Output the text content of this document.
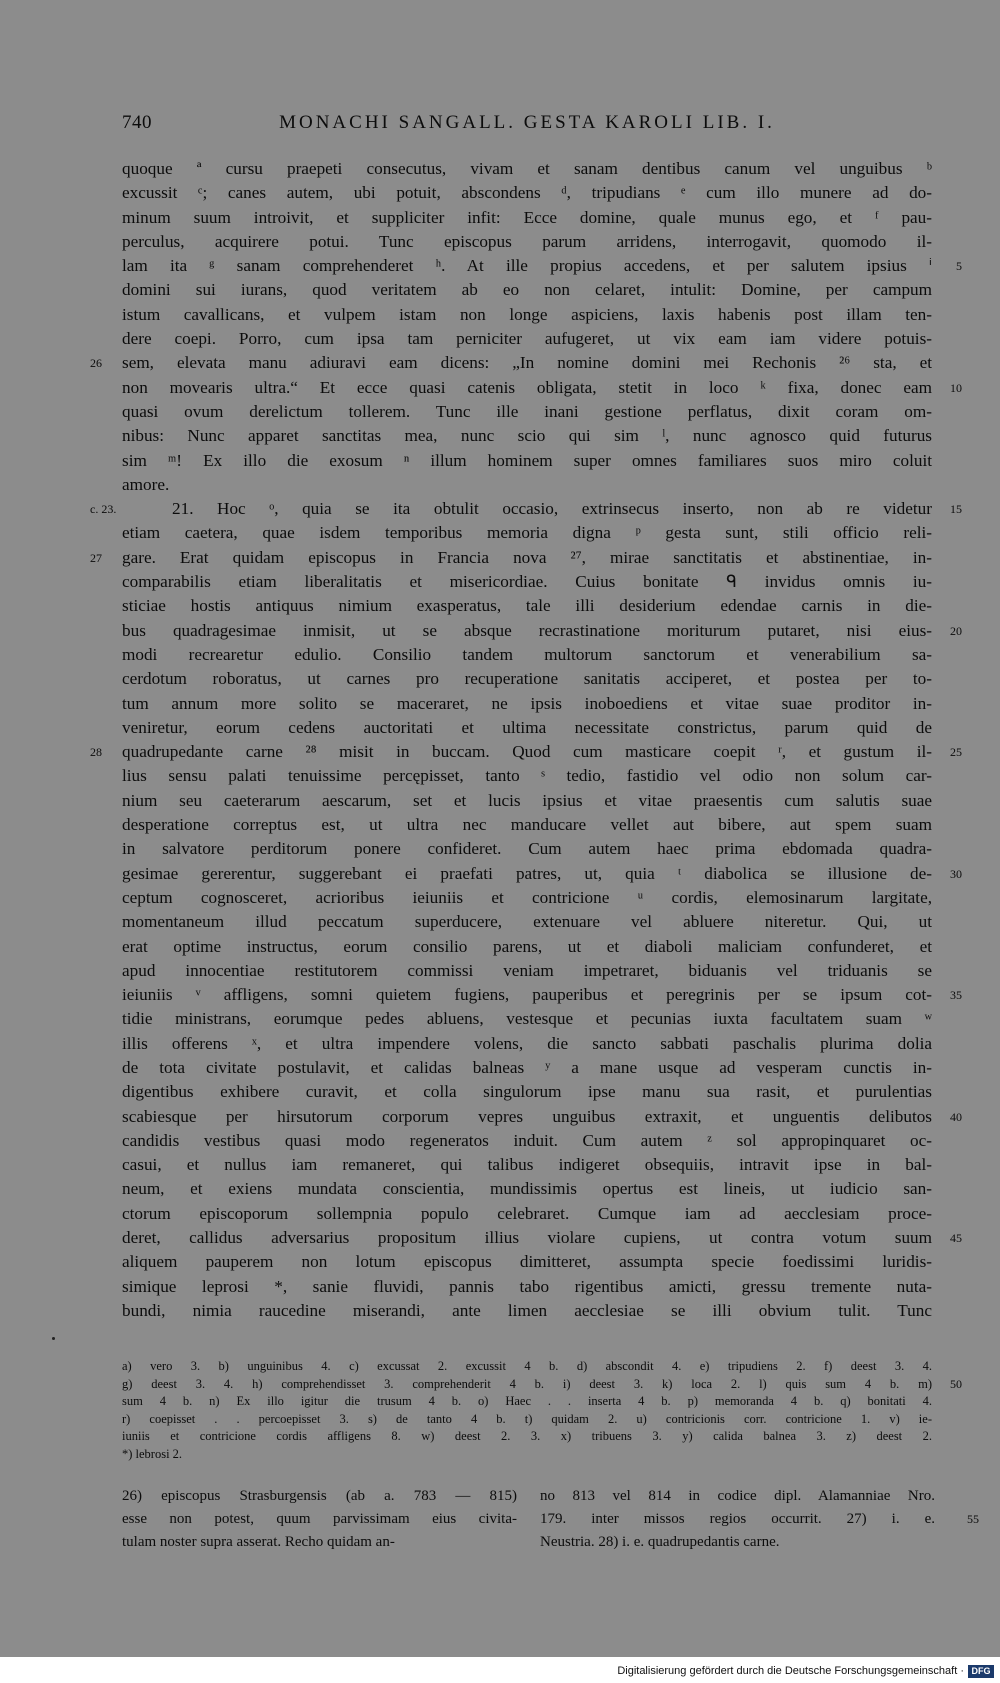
740	MONACHI SANGALL. GESTA KAROLI LIB. I.
quoque ª cursu praepeti consecutus, vivam et sanam dentibus canum vel unguibus ᵇ
excussit ᶜ; canes autem, ubi potuit, abscondens ᵈ, tripudians ᵉ cum illo munere ad do-
minum suum introivit, et suppliciter infit: Ecce domine, quale munus ego, et ᶠ pau-
perculus, acquirere potui. Tunc episcopus parum arridens, interrogavit, quomodo il-
lam ita ᵍ sanam comprehenderet ʰ. At ille propius accedens, et per salutem ipsius ⁱ 5
domini sui iurans, quod veritatem ab eo non celaret, intulit: Domine, per campum
istum cavallicans, et vulpem istam non longe aspiciens, laxis habenis post illam ten-
dere coepi. Porro, cum ipsa tam perniciter aufugeret, ut vix eam iam videre potuis-
sem, elevata manu adiuravi eam dicens: „In nomine domini mei Rechonis ²⁶ sta, et
26
non movearis ultra.“ Et ecce quasi catenis obligata, stetit in loco ᵏ fixa, donec eam 10
quasi ovum derelictum tollerem. Tunc ille inani gestione perflatus, dixit coram om-
nibus: Nunc apparet sanctitas mea, nunc scio qui sim ˡ, nunc agnosco quid futurus
sim ᵐ! Ex illo die exosum ⁿ illum hominem super omnes familiares suos miro coluit
amore.
21. Hoc ᵒ, quia se ita obtulit occasio, extrinsecus inserto, non ab re videtur
c. 23.	15
etiam caetera, quae isdem temporibus memoria digna ᵖ gesta sunt, stili officio reli-
gare. Erat quidam episcopus in Francia nova ²⁷, mirae sanctitatis et abstinentiae, in-
27
comparabilis etiam liberalitatis et misericordiae. Cuius bonitate ᑫ invidus omnis iu-
sticiae hostis antiquus nimium exasperatus, tale illi desiderium edendae carnis in die-
bus quadragesimae inmisit, ut se absque recrastinatione moriturum putaret, nisi eius- 20
modi recrearetur edulio. Consilio tandem multorum sanctorum et venerabilium sa-
cerdotum roboratus, ut carnes pro recuperatione sanitatis acciperet, et postea per to-
tum annum more solito se maceraret, ne ipsis inoboediens et vitae suae proditor in-
veniretur, eorum cedens auctoritati et ultima necessitate constrictus, parum quid de
quadrupedante carne ²⁸ misit in buccam. Quod cum masticare coepit ʳ, et gustum il-
28	25
lius sensu palati tenuissime percępisset, tanto ˢ tedio, fastidio vel odio non solum car-
nium seu caeterarum aescarum, set et lucis ipsius et vitae praesentis cum salutis suae
desperatione correptus est, ut ultra nec manducare vellet aut bibere, aut spem suam
in salvatore perditorum ponere confideret. Cum autem haec prima ebdomada quadra-
gesimae gererentur, suggerebant ei praefati patres, ut, quia ᵗ diabolica se illusione de- 30
ceptum cognosceret, acrioribus ieiuniis et contricione ᵘ cordis, elemosinarum largitate,
momentaneum illud peccatum superducere, extenuare vel abluere niteretur. Qui, ut
erat optime instructus, eorum consilio parens, ut et diaboli maliciam confunderet, et
apud innocentiae restitutorem commissi veniam impetraret, biduanis vel triduanis se
ieiuniis ᵛ affligens, somni quietem fugiens, pauperibus et peregrinis per se ipsum cot- 35
tidie ministrans, eorumque pedes abluens, vestesque et pecunias iuxta facultatem suam ʷ
illis offerens ˣ, et ultra impendere volens, die sancto sabbati paschalis plurima dolia
de tota civitate postulavit, et calidas balneas ʸ a mane usque ad vesperam cunctis in-
digentibus exhibere curavit, et colla singulorum ipse manu sua rasit, et purulentias
scabiesque per hirsutorum corporum vepres unguibus extraxit, et unguentis delibutos 40
candidis vestibus quasi modo regeneratos induit. Cum autem ᶻ sol appropinquaret oc-
casui, et nullus iam remaneret, qui talibus indigeret obsequiis, intravit ipse in bal-
neum, et exiens mundata conscientia, mundissimis opertus est lineis, ut iudicio san-
ctorum episcoporum sollempnia populo celebraret. Cumque iam ad aecclesiam proce-
deret, callidus adversarius propositum illius violare cupiens, ut contra votum suum 45
aliquem pauperem non lotum episcopus dimitteret, assumpta specie foedissimi luridis-
simique leprosi *, sanie fluvidi, pannis tabo rigentibus amicti, gressu tremente nuta-
bundi, nimia raucedine miserandi, ante limen aecclesiae se illi obvium tulit. Tunc
a) vero 3. b) unguinibus 4. c) excussat 2. excussit 4 b. d) abscondit 4. e) tripudiens 2. f) deest 3. 4.
g) deest 3. 4. h) comprehendisset 3. comprehenderit 4 b. i) deest 3. k) loca 2. l) quis sum 4 b. m) 50
sum 4 b. n) Ex illo igitur die trusum 4 b. o) Haec . . inserta 4 b. p) memoranda 4 b. q) bonitati 4.
r) coepisset . . percoepisset 3. s) de tanto 4 b. t) quidam 2. u) contricionis corr. contricione 1. v) ie-
iuniis et contricione cordis affligens 8. w) deest 2. 3. x) tribuens 3. y) calida balnea 3. z) deest 2.
*) lebrosi 2.
26) episcopus Strasburgensis (ab a. 783 — 815)
esse non potest, quum parvissimam eius civita-
tulam noster supra asserat. Recho quidam an-
no 813 vel 814 in codice dipl. Alamanniae Nro.
179. inter missos regios occurrit. 27) i. e.	55
Neustria. 28) i. e. quadrupedantis carne.
Digitalisierung gefördert durch die Deutsche Forschungsgemeinschaft · DFG
